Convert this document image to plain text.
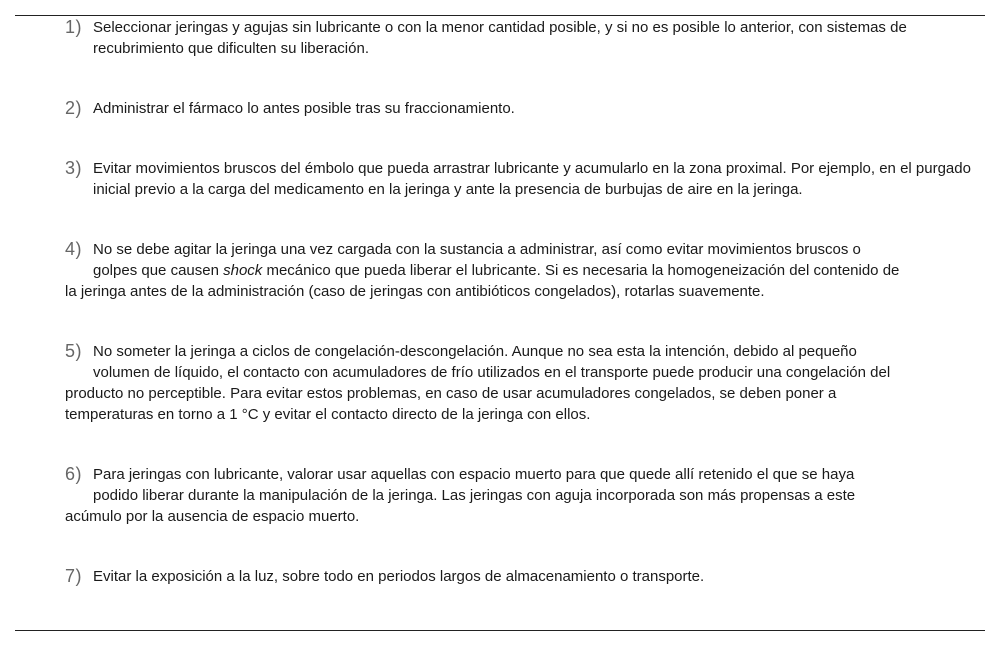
1) Seleccionar jeringas y agujas sin lubricante o con la menor cantidad posible, y si no es posible lo anterior, con sistemas de recubrimiento que dificulten su liberación.

2) Administrar el fármaco lo antes posible tras su fraccionamiento.

3) Evitar movimientos bruscos del émbolo que pueda arrastrar lubricante y acumularlo en la zona proximal. Por ejemplo, en el purgado inicial previo a la carga del medicamento en la jeringa y ante la presencia de burbujas de aire en la jeringa.

4) No se debe agitar la jeringa una vez cargada con la sustancia a administrar, así como evitar movimientos bruscos o
golpes que causen shock mecánico que pueda liberar el lubricante. Si es necesaria la homogeneización del contenido de
la jeringa antes de la administración (caso de jeringas con antibióticos congelados), rotarlas suavemente.
5) No someter la jeringa a ciclos de congelación-descongelación. Aunque no sea esta la intención, debido al pequeño
volumen de líquido, el contacto con acumuladores de frío utilizados en el transporte puede producir una congelación del
producto no perceptible. Para evitar estos problemas, en caso de usar acumuladores congelados, se deben poner a temperaturas en torno a 1 °C y evitar el contacto directo de la jeringa con ellos.
6) Para jeringas con lubricante, valorar usar aquellas con espacio muerto para que quede allí retenido el que se haya
podido liberar durante la manipulación de la jeringa. Las jeringas con aguja incorporada son más propensas a este
acúmulo por la ausencia de espacio muerto.

7) Evitar la exposición a la luz, sobre todo en periodos largos de almacenamiento o transporte.
